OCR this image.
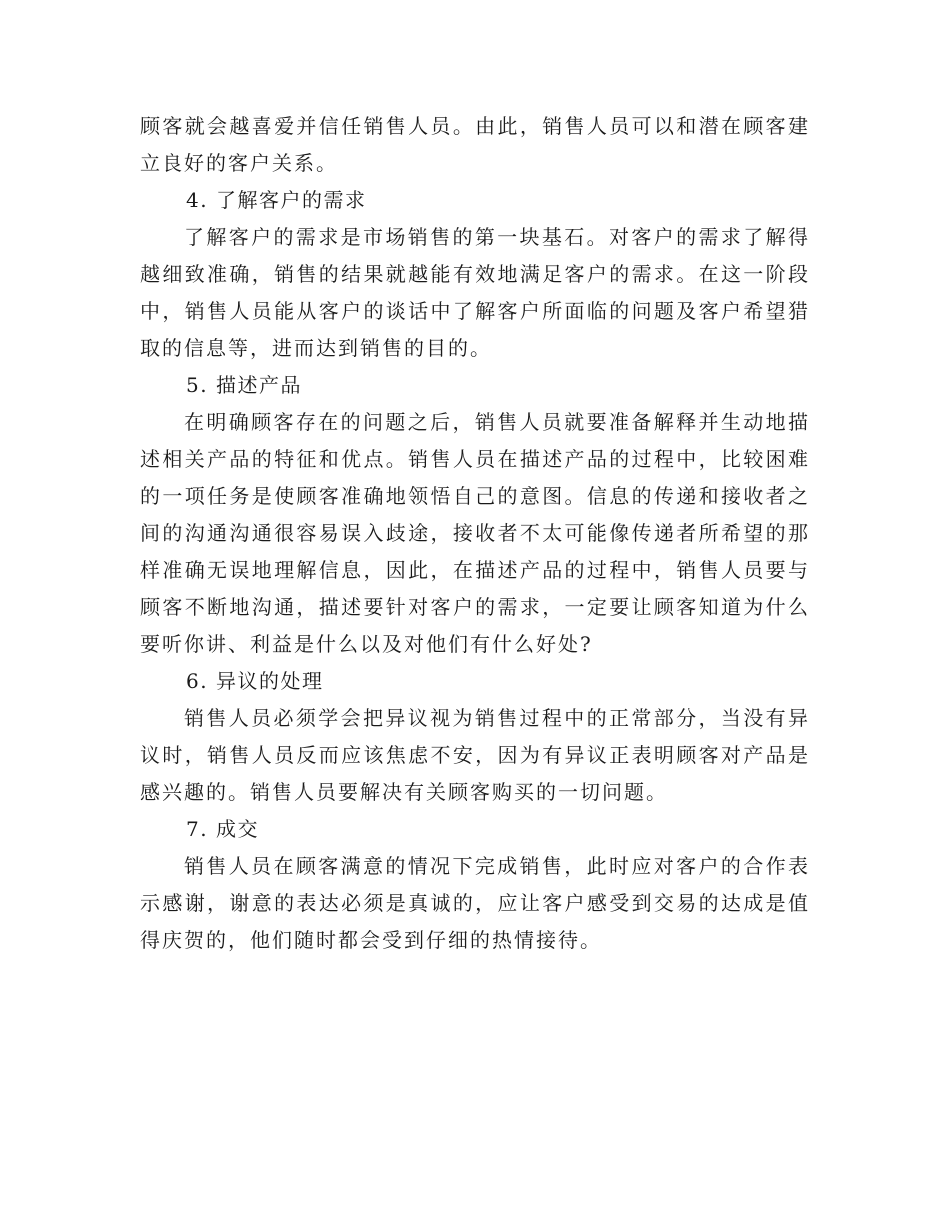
顾客就会越喜爱并信任销售人员。由此，销售人员可以和潜在顾客建立良好的客户关系。

4. 了解客户的需求

了解客户的需求是市场销售的第一块基石。对客户的需求了解得越细致准确，销售的结果就越能有效地满足客户的需求。在这一阶段中，销售人员能从客户的谈话中了解客户所面临的问题及客户希望猎取的信息等，进而达到销售的目的。

5. 描述产品

在明确顾客存在的问题之后，销售人员就要准备解释并生动地描述相关产品的特征和优点。销售人员在描述产品的过程中，比较困难的一项任务是使顾客准确地领悟自己的意图。信息的传递和接收者之间的沟通沟通很容易误入歧途，接收者不太可能像传递者所希望的那样准确无误地理解信息，因此，在描述产品的过程中，销售人员要与顾客不断地沟通，描述要针对客户的需求，一定要让顾客知道为什么要听你讲、利益是什么以及对他们有什么好处?

6. 异议的处理

销售人员必须学会把异议视为销售过程中的正常部分，当没有异议时，销售人员反而应该焦虑不安，因为有异议正表明顾客对产品是感兴趣的。销售人员要解决有关顾客购买的一切问题。

7. 成交

销售人员在顾客满意的情况下完成销售，此时应对客户的合作表示感谢，谢意的表达必须是真诚的，应让客户感受到交易的达成是值得庆贺的，他们随时都会受到仔细的热情接待。
